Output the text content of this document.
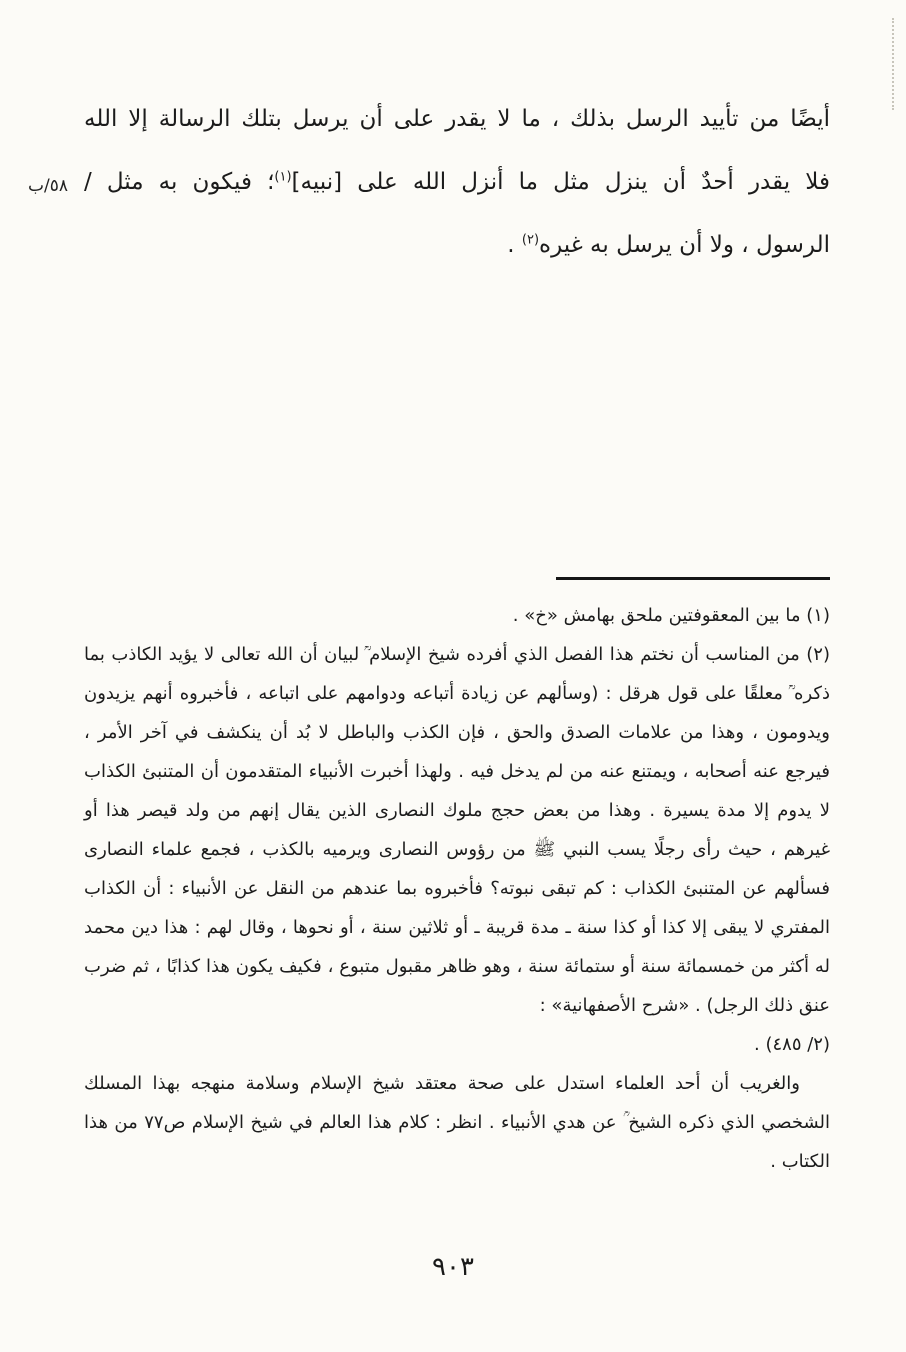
أيضًا من تأييد الرسل بذلك ، ما لا يقدر على أن يرسل بتلك الرسالة إلا الله
فلا يقدر أحدٌ أن ينزل مثل ما أنزل الله على [نبيه]$^{(١)}$؛ فيكون به مثل /
الرسول ، ولا أن يرسل به غيره$^{(٢)}$ .
٥٨/ب
(١) ما بين المعقوفتين ملحق بهامش «خ» .
(٢) من المناسب أن نختم هذا الفصل الذي أفرده شيخ الإسلام ؒ لبيان أن الله تعالى لا يؤيد الكاذب بما ذكره ؒ معلقًا على قول هرقل : (وسألهم عن زيادة أتباعه ودوامهم على اتباعه ، فأخبروه أنهم يزيدون ويدومون ، وهذا من علامات الصدق والحق ، فإن الكذب والباطل لا بُد أن ينكشف في آخر الأمر ، فيرجع عنه أصحابه ، ويمتنع عنه من لم يدخل فيه . ولهذا أخبرت الأنبياء المتقدمون أن المتنبئ الكذاب لا يدوم إلا مدة يسيرة . وهذا من بعض حجج ملوك النصارى الذين يقال إنهم من ولد قيصر هذا أو غيرهم ، حيث رأى رجلًا يسب النبي ﷺ من رؤوس النصارى ويرميه بالكذب ، فجمع علماء النصارى فسألهم عن المتنبئ الكذاب : كم تبقى نبوته؟ فأخبروه بما عندهم من النقل عن الأنبياء : أن الكذاب المفتري لا يبقى إلا كذا أو كذا سنة ـ مدة قريبة ـ أو ثلاثين سنة ، أو نحوها ، وقال لهم : هذا دين محمد له أكثر من خمسمائة سنة أو ستمائة سنة ، وهو ظاهر مقبول متبوع ، فكيف يكون هذا كذابًا ، ثم ضرب عنق ذلك الرجل) . «شرح الأصفهانية» :
(٢/ ٤٨٥) .
والغريب أن أحد العلماء استدل على صحة معتقد شيخ الإسلام وسلامة منهجه بهذا المسلك الشخصي الذي ذكره الشيخ ؒ عن هدي الأنبياء . انظر : كلام هذا العالم في شيخ الإسلام ص٧٧ من هذا الكتاب .
٩٠٣
